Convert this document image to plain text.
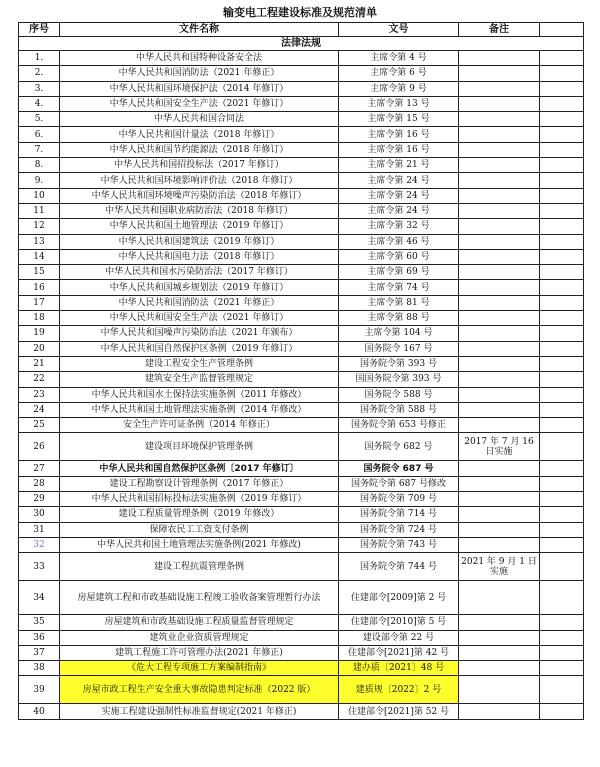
输变电工程建设标准及规范清单
序号	文件名称	文号	备注	
法律法规				
1.	中华人民共和国特种设备安全法	主席令第 4 号		
2.	中华人民共和国消防法（2021 年修正）	主席令第 6 号		
3.	中华人民共和国环境保护法（2014 年修订）	主席令第 9 号		
4.	中华人民共和国安全生产法（2021 年修订）	主席令第 13 号		
5.	中华人民共和国合同法	主席令第 15 号		
6.	中华人民共和国计量法（2018 年修订）	主席令第 16 号		
7.	中华人民共和国节约能源法（2018 年修订）	主席令第 16 号		
8.	中华人民共和国招投标法（2017 年修订）	主席令第 21 号		
9.	中华人民共和国环境影响评价法（2018 年修订）	主席令第 24 号		
10	中华人民共和国环境噪声污染防治法（2018 年修订）	主席令第 24 号		
11	中华人民共和国职业病防治法（2018 年修订）	主席令第 24 号		
12	中华人民共和国土地管理法（2019 年修订）	主席令第 32 号		
13	中华人民共和国建筑法（2019 年修订）	主席令第 46 号		
14	中华人民共和国电力法（2018 年修订）	主席令第 60 号		
15	中华人民共和国水污染防治法（2017 年修订）	主席令第 69 号		
16	中华人民共和国城乡规划法（2019 年修订）	主席令第 74 号		
17	中华人民共和国消防法（2021 年修正）	主席令第 81 号		
18	中华人民共和国安全生产法（2021 年修订）	主席令第 88 号		
19	中华人民共和国噪声污染防治法（2021 年颁布）	主席令第 104 号		
20	中华人民共和国自然保护区条例（2019 年修订）	国务院令 167 号		
21	建设工程安全生产管理条例	国务院令第 393 号		
22	建筑安全生产监督管理规定	国国务院令第 393 号		
23	中华人民共和国水土保持法实施条例（2011 年修改）	国务院令 588 号		
24	中华人民共和国土地管理法实施条例（2014 年修改）	国务院令第 588 号		
25	安全生产许可证条例（2014 年修正）	国务院令第 653 号修正		
26	建设项目环境保护管理条例	国务院令 682 号	2017 年 7 月 16 日实施	
27	中华人民共和国自然保护区条例〔2017 年修订〕	国务院令 687 号		
28	建设工程勘察设计管理条例（2017 年修正）	国务院令第 687 号修改		
29	中华人民共和国招标投标法实施条例（2019 年修订）	国务院令第 709 号		
30	建设工程质量管理条例（2019 年修改）	国务院令第 714 号		
31	保障农民工工资支付条例	国务院令第 724 号		
32	中华人民共和国土地管理法实施条例(2021 年修改)	国务院令第 743 号		
33	建设工程抗震管理条例	国务院令第 744 号	2021 年 9 月 1 日实施	
34	房屋建筑工程和市政基础设施工程竣工验收备案管理暂行办法	住建部令[2009]第 2 号		
35	房屋建筑和市政基础设施工程质量监督管理规定	住建部令[2010]第 5 号		
36	建筑业企业资质管理规定	建设部令第 22 号		
37	建筑工程施工许可管理办法(2021 年修正)	住建部令[2021]第 42 号		
38	《危大工程专项施工方案编制指南》	建办质〔2021〕48 号		
39	房屋市政工程生产安全重大事故隐患判定标准（2022 版）	建质规〔2022〕2 号		
40	实施工程建设强制性标准监督规定(2021 年修正)	住建部令[2021]第 52 号		
